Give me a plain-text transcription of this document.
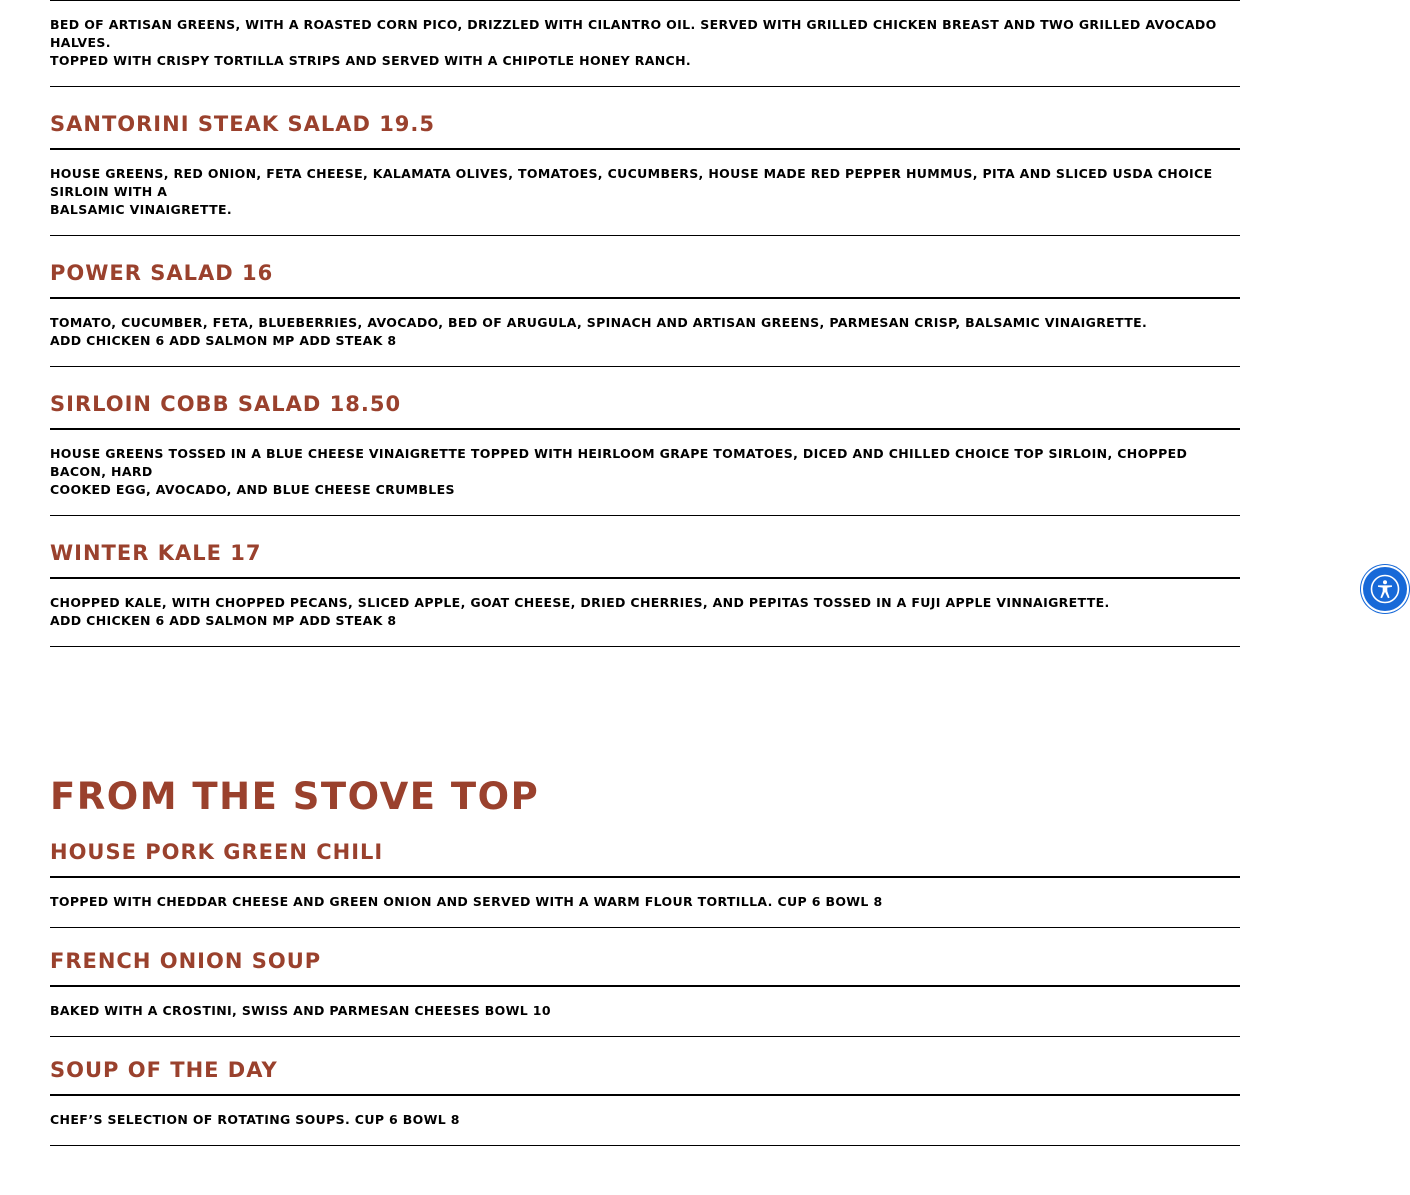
BED OF ARTISAN GREENS, WITH A ROASTED CORN PICO, DRIZZLED WITH CILANTRO OIL. SERVED WITH GRILLED CHICKEN BREAST AND TWO GRILLED AVOCADO HALVES.
TOPPED WITH CRISPY TORTILLA STRIPS AND SERVED WITH A CHIPOTLE HONEY RANCH.

SANTORINI STEAK SALAD 19.5

HOUSE GREENS, RED ONION, FETA CHEESE, KALAMATA OLIVES, TOMATOES, CUCUMBERS, HOUSE MADE RED PEPPER HUMMUS, PITA AND SLICED USDA CHOICE SIRLOIN WITH A
BALSAMIC VINAIGRETTE.

POWER SALAD 16

TOMATO, CUCUMBER, FETA, BLUEBERRIES, AVOCADO, BED OF ARUGULA, SPINACH AND ARTISAN GREENS, PARMESAN CRISP, BALSAMIC VINAIGRETTE.
ADD CHICKEN 6 ADD SALMON MP ADD STEAK 8

SIRLOIN COBB SALAD 18.50

HOUSE GREENS TOSSED IN A BLUE CHEESE VINAIGRETTE TOPPED WITH HEIRLOOM GRAPE TOMATOES, DICED AND CHILLED CHOICE TOP SIRLOIN, CHOPPED BACON, HARD
COOKED EGG, AVOCADO, AND BLUE CHEESE CRUMBLES

WINTER KALE 17

CHOPPED KALE, WITH CHOPPED PECANS, SLICED APPLE, GOAT CHEESE, DRIED CHERRIES, AND PEPITAS TOSSED IN A FUJI APPLE VINNAIGRETTE.
ADD CHICKEN 6 ADD SALMON MP ADD STEAK 8

FROM THE STOVE TOP
HOUSE PORK GREEN CHILI

TOPPED WITH CHEDDAR CHEESE AND GREEN ONION AND SERVED WITH A WARM FLOUR TORTILLA. CUP 6 BOWL 8

FRENCH ONION SOUP

BAKED WITH A CROSTINI, SWISS AND PARMESAN CHEESES BOWL 10

SOUP OF THE DAY

CHEF’S SELECTION OF ROTATING SOUPS. CUP 6 BOWL 8
